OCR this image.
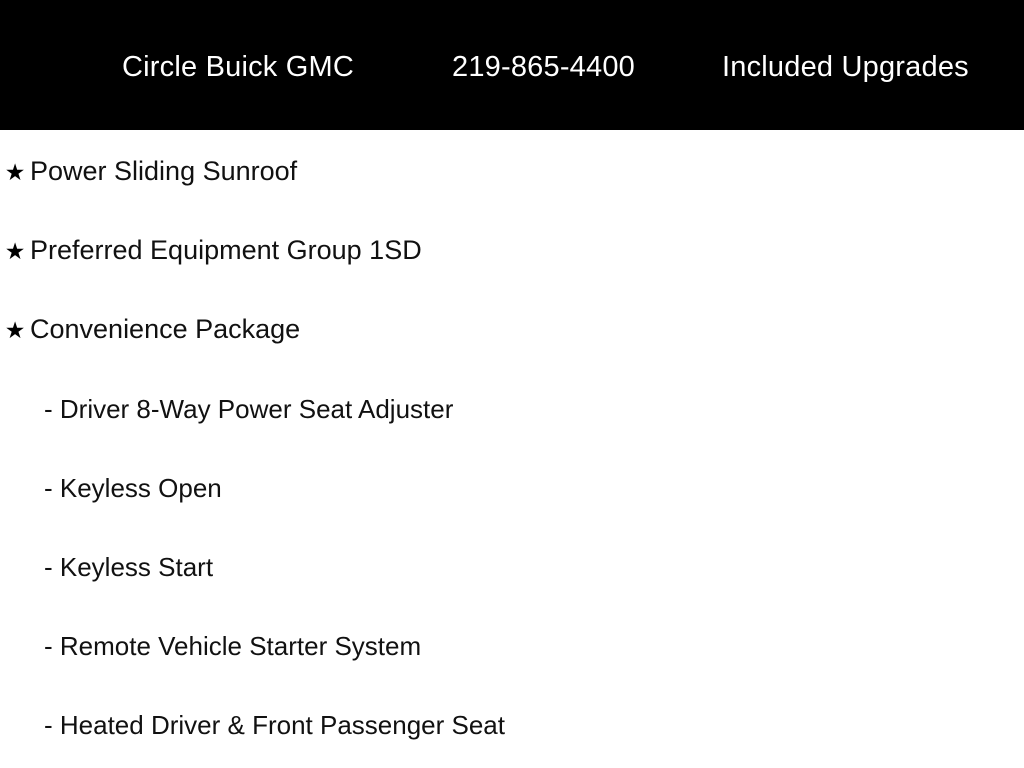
Circle Buick GMC	219-865-4400	Included Upgrades
★ Power Sliding Sunroof
★ Preferred Equipment Group 1SD
★ Convenience Package
- Driver 8-Way Power Seat Adjuster
- Keyless Open
- Keyless Start
- Remote Vehicle Starter System
- Heated Driver & Front Passenger Seat
